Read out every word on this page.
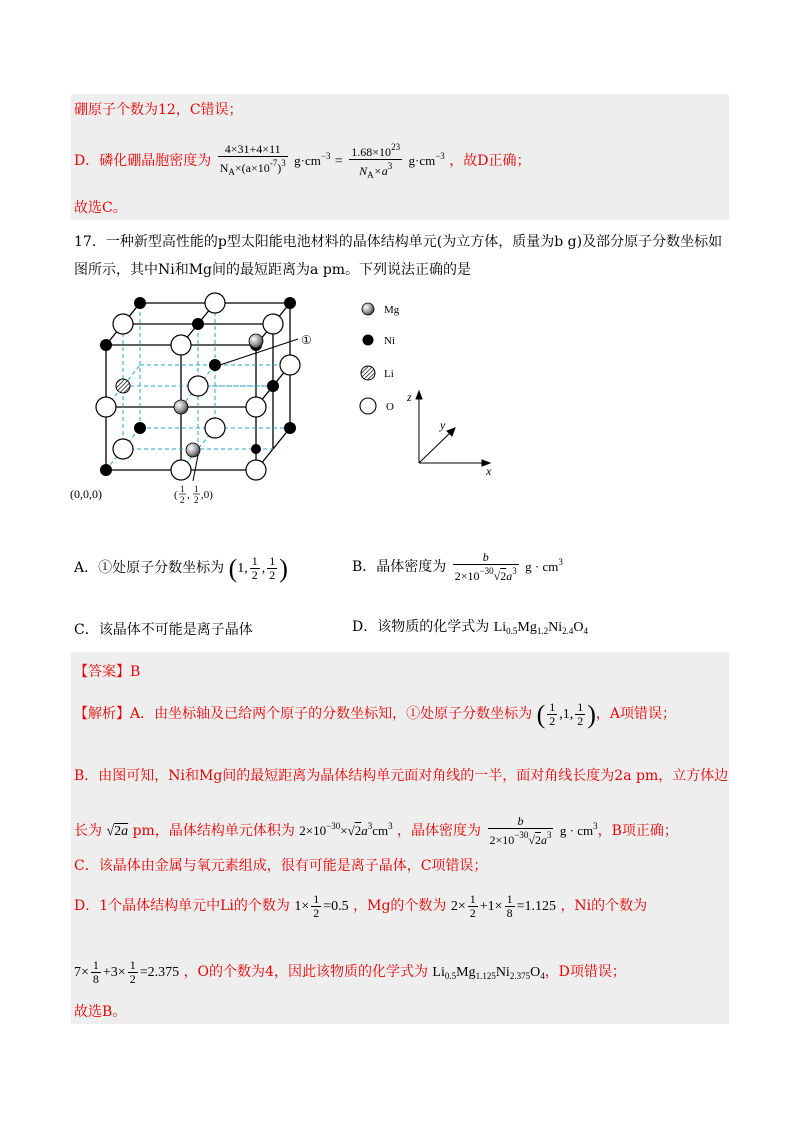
硼原子个数为12，C错误；
D．磷化硼晶胞密度为 $\frac{4\times 31+4\times 11}{N_A\times(a\times 10^{-7})^3} g\cdot cm^{-3} = \frac{1.68\times 10^{23}}{N_A\times a^3} g\cdot cm^{-3}$ ，故D正确；
故选C。
17．一种新型高性能的p型太阳能电池材料的晶体结构单元(为立方体，质量为b g)及部分原子分数坐标如
图所示，其中Ni和Mg间的最短距离为a pm。下列说法正确的是
①
(0,0,0)	( 1
2 , 1
2 ,0)
Mg
Ni
Li
O
z
y
x
A．①处原子分数坐标为 (1, $\frac{1}{2}$ , $\frac{1}{2}$ )	B．晶体密度为 $\frac{b}{2\times 10^{-30}√2a^3}$ $g \cdot cm^3$
C．该晶体不可能是离子晶体	D．该物质的化学式为 $Li_{0.5}Mg_{1.2}Ni_{2.4}O_4$
【答案】B
【解析】A．由坐标轴及已给两个原子的分数坐标知，①处原子分数坐标为 ( $\frac{1}{2} ,1$, $\frac{1}{2}$ )，A项错误；
B．由图可知，Ni和Mg间的最短距离为晶体结构单元面对角线的一半，面对角线长度为2a pm，立方体边
长为 √2a pm，晶体结构单元体积为 $2\times 10^{-30}\times√2a^3cm^3$ ，晶体密度为 $\frac{b}{2\times 10^{-30}√2a^3}$ $g \cdot cm^3$，B项正确；
C．该晶体由金属与氧元素组成，很有可能是离子晶体，C项错误；
D．1个晶体结构单元中Li的个数为 $1\times \frac{1}{2} =0.5$ ，Mg的个数为 $2\times \frac{1}{2} +1\times \frac{1}{8} =1.125$ ，Ni的个数为
$7\times \frac{1}{8} +3\times \frac{1}{2} =2.375$ ，O的个数为4，因此该物质的化学式为 $Li_{0.5}Mg_{1.125}Ni_{2.375}O_4$，D项错误；
故选B。
